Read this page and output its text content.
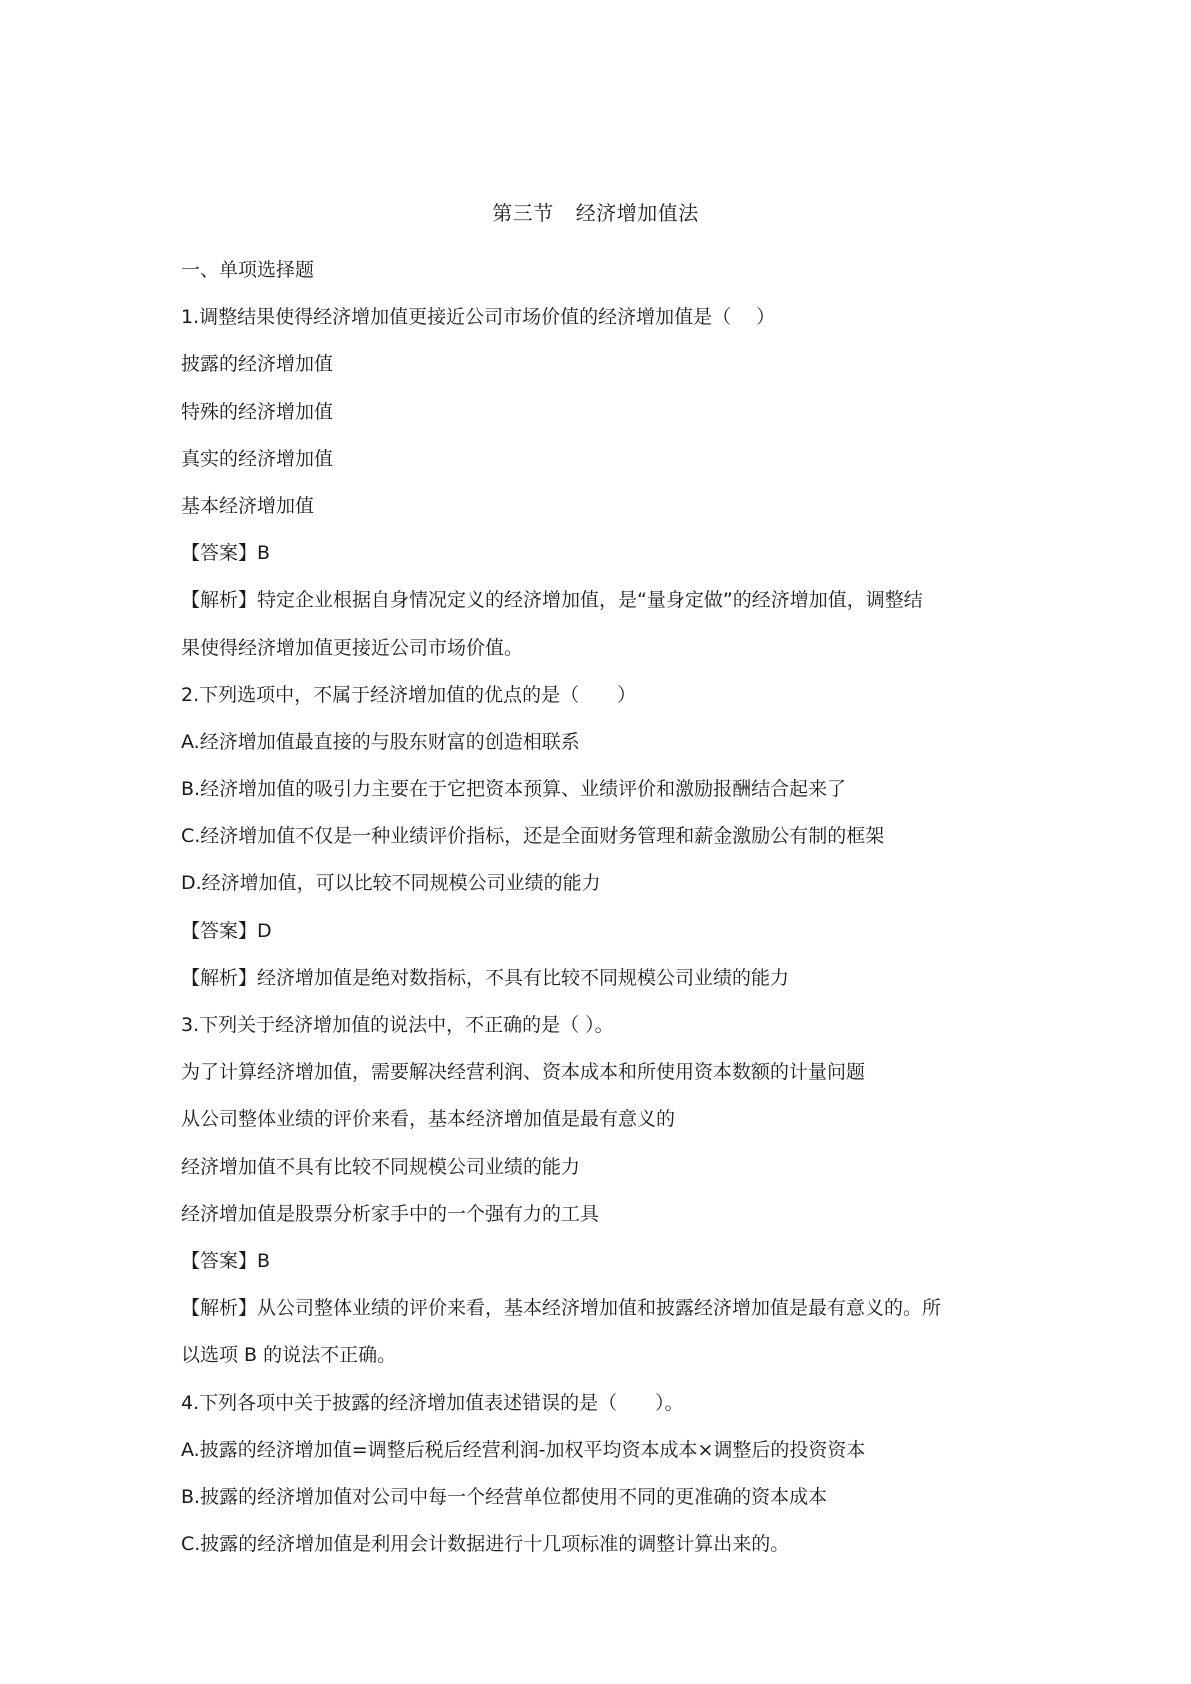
第三节 经济增加值法
一、单项选择题
1.调整结果使得经济增加值更接近公司市场价值的经济增加值是（　 ）
披露的经济增加值
特殊的经济增加值
真实的经济增加值
基本经济增加值
【答案】B
【解析】特定企业根据自身情况定义的经济增加值，是“量身定做”的经济增加值，调整结
果使得经济增加值更接近公司市场价值。
2.下列选项中，不属于经济增加值的优点的是（　　）
A.经济增加值最直接的与股东财富的创造相联系
B.经济增加值的吸引力主要在于它把资本预算、业绩评价和激励报酬结合起来了
C.经济增加值不仅是一种业绩评价指标，还是全面财务管理和薪金激励公有制的框架
D.经济增加值，可以比较不同规模公司业绩的能力
【答案】D
【解析】经济增加值是绝对数指标，不具有比较不同规模公司业绩的能力
3.下列关于经济增加值的说法中，不正确的是（ ）。
为了计算经济增加值，需要解决经营利润、资本成本和所使用资本数额的计量问题
从公司整体业绩的评价来看，基本经济增加值是最有意义的
经济增加值不具有比较不同规模公司业绩的能力
经济增加值是股票分析家手中的一个强有力的工具
【答案】B
【解析】从公司整体业绩的评价来看，基本经济增加值和披露经济增加值是最有意义的。所
以选项 B 的说法不正确。
4.下列各项中关于披露的经济增加值表述错误的是（　　）。
A.披露的经济增加值=调整后税后经营利润-加权平均资本成本×调整后的投资资本
B.披露的经济增加值对公司中每一个经营单位都使用不同的更准确的资本成本
C.披露的经济增加值是利用会计数据进行十几项标准的调整计算出来的。
